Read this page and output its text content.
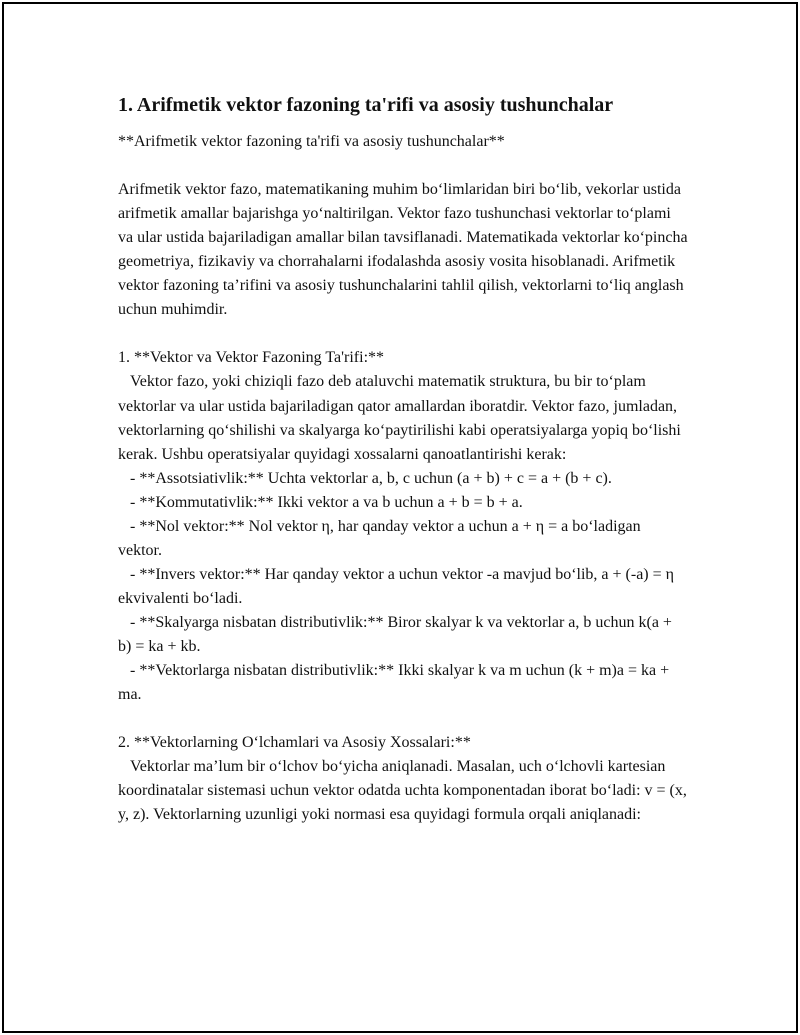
1. Arifmetik vektor fazoning ta'rifi va asosiy tushunchalar
**Arifmetik vektor fazoning ta'rifi va asosiy tushunchalar**

Arifmetik vektor fazo, matematikaning muhim bo‘limlaridan biri bo‘lib, vekorlar ustida arifmetik amallar bajarishga yo‘naltirilgan. Vektor fazo tushunchasi vektorlar to‘plami va ular ustida bajariladigan amallar bilan tavsiflanadi. Matematikada vektorlar ko‘pincha geometriya, fizikaviy va chorrahalarni ifodalashda asosiy vosita hisoblanadi. Arifmetik vektor fazoning ta’rifini va asosiy tushunchalarini tahlil qilish, vektorlarni to‘liq anglash uchun muhimdir.

1. **Vektor va Vektor Fazoning Ta'rifi:**
Vektor fazo, yoki chiziqli fazo deb ataluvchi matematik struktura, bu bir to‘plam vektorlar va ular ustida bajariladigan qator amallardan iboratdir. Vektor fazo, jumladan, vektorlarning qo‘shilishi va skalyarga ko‘paytirilishi kabi operatsiyalarga yopiq bo‘lishi kerak. Ushbu operatsiyalar quyidagi xossalarni qanoatlantirishi kerak:
- **Assotsiativlik:** Uchta vektorlar a, b, c uchun (a + b) + c = a + (b + c).
- **Kommutativlik:** Ikki vektor a va b uchun a + b = b + a.
- **Nol vektor:** Nol vektor η, har qanday vektor a uchun a + η = a bo‘ladigan vektor.
- **Invers vektor:** Har qanday vektor a uchun vektor -a mavjud bo‘lib, a + (-a) = η ekvivalenti bo‘ladi.
- **Skalyarga nisbatan distributivlik:** Biror skalyar k va vektorlar a, b uchun k(a + b) = ka + kb.
- **Vektorlarga nisbatan distributivlik:** Ikki skalyar k va m uchun (k + m)a = ka + ma.

2. **Vektorlarning O‘lchamlari va Asosiy Xossalari:**
Vektorlar ma’lum bir o‘lchov bo‘yicha aniqlanadi. Masalan, uch o‘lchovli kartesian koordinatalar sistemasi uchun vektor odatda uchta komponentadan iborat bo‘ladi: v = (x, y, z). Vektorlarning uzunligi yoki normasi esa quyidagi formula orqali aniqlanadi:
